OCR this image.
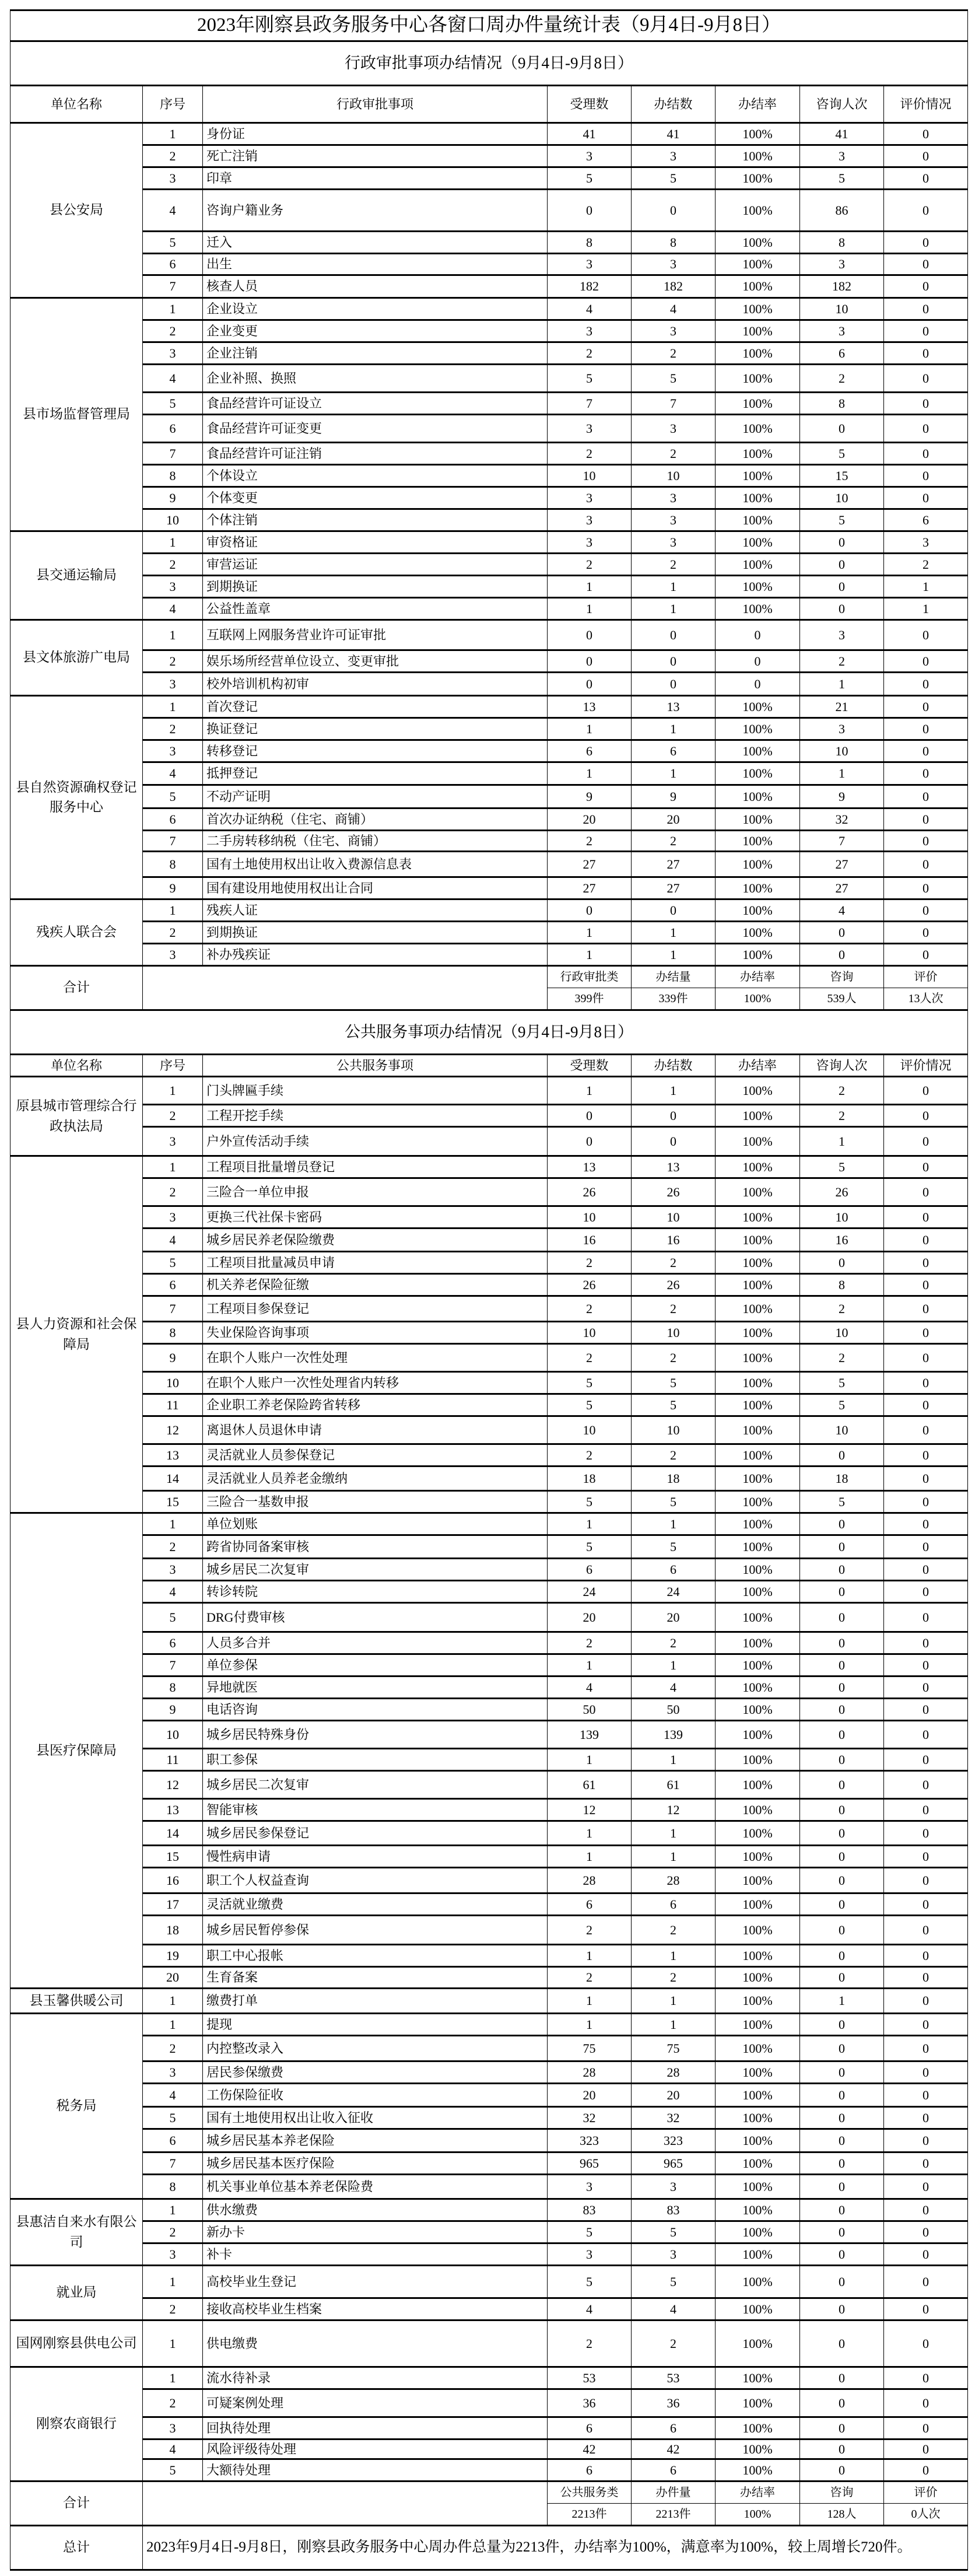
2023年刚察县政务服务中心各窗口周办件量统计表（9月4日-9月8日）							
行政审批事项办结情况（9月4日-9月8日）							
单位名称	序号	行政审批事项	受理数	办结数	办结率	咨询人次	评价情况
县公安局	1	身份证	41	41	100%	41	0
	2	死亡注销	3	3	100%	3	0
	3	印章	5	5	100%	5	0
	4	咨询户籍业务	0	0	100%	86	0
	5	迁入	8	8	100%	8	0
	6	出生	3	3	100%	3	0
	7	核查人员	182	182	100%	182	0
县市场监督管理局	1	企业设立	4	4	100%	10	0
	2	企业变更	3	3	100%	3	0
	3	企业注销	2	2	100%	6	0
	4	企业补照、换照	5	5	100%	2	0
	5	食品经营许可证设立	7	7	100%	8	0
	6	食品经营许可证变更	3	3	100%	0	0
	7	食品经营许可证注销	2	2	100%	5	0
	8	个体设立	10	10	100%	15	0
	9	个体变更	3	3	100%	10	0
	10	个体注销	3	3	100%	5	6
县交通运输局	1	审资格证	3	3	100%	0	3
	2	审营运证	2	2	100%	0	2
	3	到期换证	1	1	100%	0	1
	4	公益性盖章	1	1	100%	0	1
县文体旅游广电局	1	互联网上网服务营业许可证审批	0	0	0	3	0
	2	娱乐场所经营单位设立、变更审批	0	0	0	2	0
	3	校外培训机构初审	0	0	0	1	0
县自然资源确权登记服务中心	1	首次登记	13	13	100%	21	0
	2	换证登记	1	1	100%	3	0
	3	转移登记	6	6	100%	10	0
	4	抵押登记	1	1	100%	1	0
	5	不动产证明	9	9	100%	9	0
	6	首次办证纳税（住宅、商铺）	20	20	100%	32	0
	7	二手房转移纳税（住宅、商铺）	2	2	100%	7	0
	8	国有土地使用权出让收入费源信息表	27	27	100%	27	0
	9	国有建设用地使用权出让合同	27	27	100%	27	0
残疾人联合会	1	残疾人证	0	0	100%	4	0
	2	到期换证	1	1	100%	0	0
	3	补办残疾证	1	1	100%	0	0
合计			行政审批类	办结量	办结率	咨询	评价
			399件	339件	100%	539人	13人次
公共服务事项办结情况（9月4日-9月8日）							
单位名称	序号	公共服务事项	受理数	办结数	办结率	咨询人次	评价情况
原县城市管理综合行政执法局	1	门头牌匾手续	1	1	100%	2	0
	2	工程开挖手续	0	0	100%	2	0
	3	户外宣传活动手续	0	0	100%	1	0
县人力资源和社会保障局	1	工程项目批量增员登记	13	13	100%	5	0
	2	三险合一单位申报	26	26	100%	26	0
	3	更换三代社保卡密码	10	10	100%	10	0
	4	城乡居民养老保险缴费	16	16	100%	16	0
	5	工程项目批量减员申请	2	2	100%	0	0
	6	机关养老保险征缴	26	26	100%	8	0
	7	工程项目参保登记	2	2	100%	2	0
	8	失业保险咨询事项	10	10	100%	10	0
	9	在职个人账户一次性处理	2	2	100%	2	0
	10	在职个人账户一次性处理省内转移	5	5	100%	5	0
	11	企业职工养老保险跨省转移	5	5	100%	5	0
	12	离退休人员退休申请	10	10	100%	10	0
	13	灵活就业人员参保登记	2	2	100%	0	0
	14	灵活就业人员养老金缴纳	18	18	100%	18	0
	15	三险合一基数申报	5	5	100%	5	0
县医疗保障局	1	单位划账	1	1	100%	0	0
	2	跨省协同备案审核	5	5	100%	0	0
	3	城乡居民二次复审	6	6	100%	0	0
	4	转诊转院	24	24	100%	0	0
	5	DRG付费审核	20	20	100%	0	0
	6	人员多合并	2	2	100%	0	0
	7	单位参保	1	1	100%	0	0
	8	异地就医	4	4	100%	0	0
	9	电话咨询	50	50	100%	0	0
	10	城乡居民特殊身份	139	139	100%	0	0
	11	职工参保	1	1	100%	0	0
	12	城乡居民二次复审	61	61	100%	0	0
	13	智能审核	12	12	100%	0	0
	14	城乡居民参保登记	1	1	100%	0	0
	15	慢性病申请	1	1	100%	0	0
	16	职工个人权益查询	28	28	100%	0	0
	17	灵活就业缴费	6	6	100%	0	0
	18	城乡居民暂停参保	2	2	100%	0	0
	19	职工中心报帐	1	1	100%	0	0
	20	生育备案	2	2	100%	0	0
县玉馨供暖公司	1	缴费打单	1	1	100%	1	0
税务局	1	提现	1	1	100%	0	0
	2	内控整改录入	75	75	100%	0	0
	3	居民参保缴费	28	28	100%	0	0
	4	工伤保险征收	20	20	100%	0	0
	5	国有土地使用权出让收入征收	32	32	100%	0	0
	6	城乡居民基本养老保险	323	323	100%	0	0
	7	城乡居民基本医疗保险	965	965	100%	0	0
	8	机关事业单位基本养老保险费	3	3	100%	0	0
县惠洁自来水有限公司	1	供水缴费	83	83	100%	0	0
	2	新办卡	5	5	100%	0	0
	3	补卡	3	3	100%	0	0
就业局	1	高校毕业生登记	5	5	100%	0	0
	2	接收高校毕业生档案	4	4	100%	0	0
国网刚察县供电公司	1	供电缴费	2	2	100%	0	0
刚察农商银行	1	流水待补录	53	53	100%	0	0
	2	可疑案例处理	36	36	100%	0	0
	3	回执待处理	6	6	100%	0	0
	4	风险评级待处理	42	42	100%	0	0
	5	大额待处理	6	6	100%	0	0
合计			公共服务类	办件量	办结率	咨询	评价
			2213件	2213件	100%	128人	0人次
总计	2023年9月4日-9月8日，刚察县政务服务中心周办件总量为2213件，办结率为100%，满意率为100%，较上周增长720件。						
